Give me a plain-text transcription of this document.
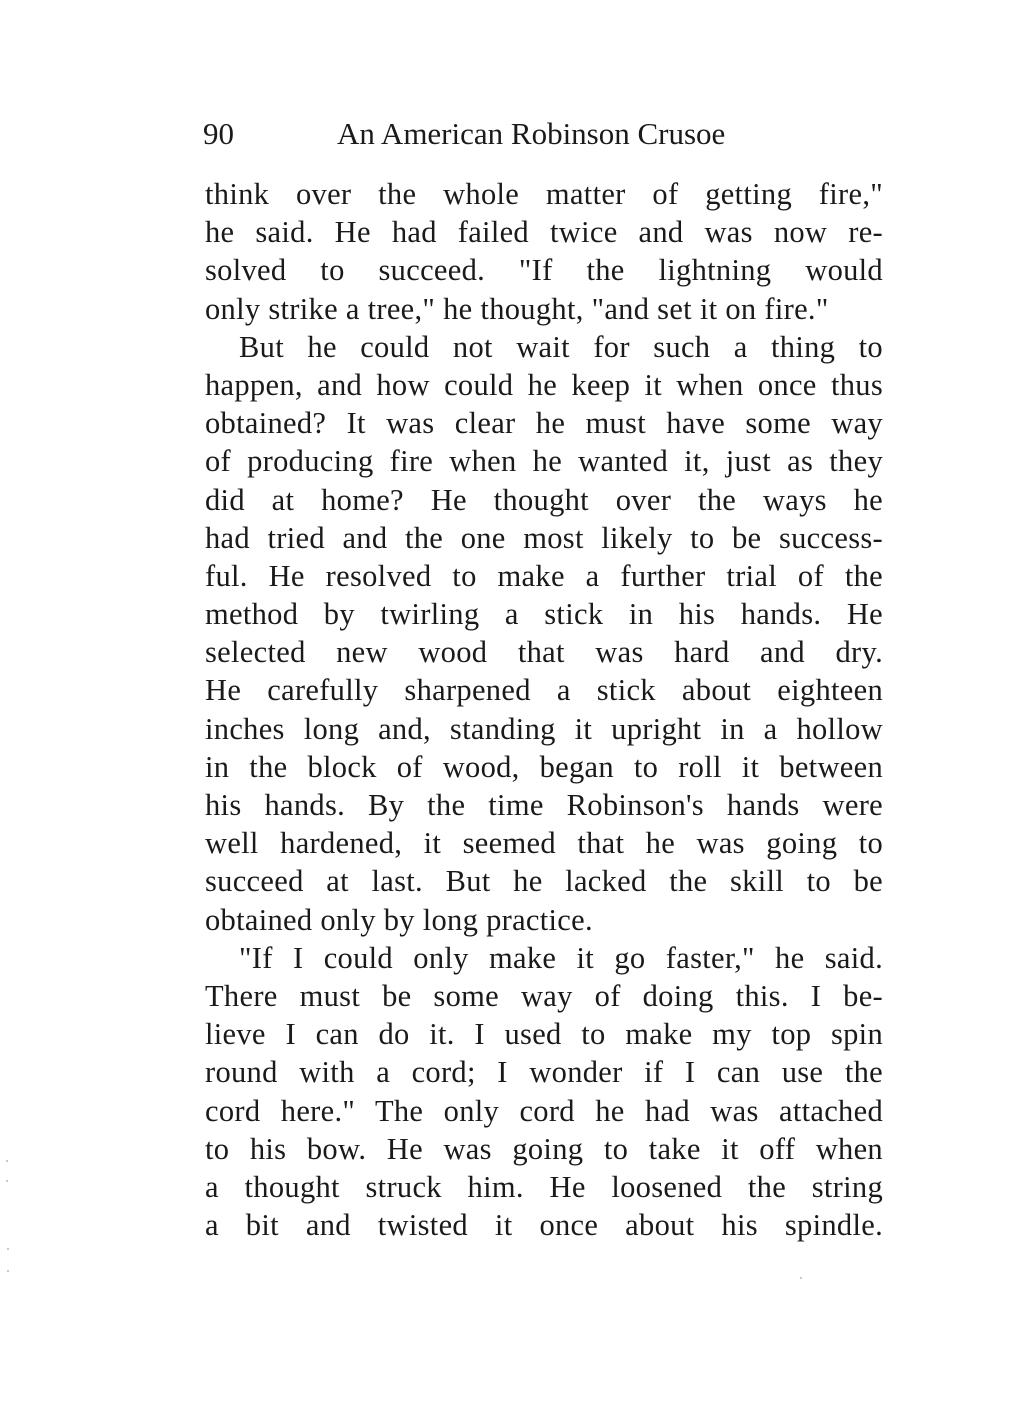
90	An American Robinson Crusoe
think over the whole matter of getting fire,"
he said. He had failed twice and was now re-
solved to succeed. "If the lightning would
only strike a tree," he thought, "and set it on fire."
But he could not wait for such a thing to
happen, and how could he keep it when once thus
obtained? It was clear he must have some way
of producing fire when he wanted it, just as they
did at home? He thought over the ways he
had tried and the one most likely to be success-
ful. He resolved to make a further trial of the
method by twirling a stick in his hands. He
selected new wood that was hard and dry.
He carefully sharpened a stick about eighteen
inches long and, standing it upright in a hollow
in the block of wood, began to roll it between
his hands. By the time Robinson's hands were
well hardened, it seemed that he was going to
succeed at last. But he lacked the skill to be
obtained only by long practice.
"If I could only make it go faster," he said.
There must be some way of doing this. I be-
lieve I can do it. I used to make my top spin
round with a cord; I wonder if I can use the
cord here." The only cord he had was attached
to his bow. He was going to take it off when
a thought struck him. He loosened the string
a bit and twisted it once about his spindle.
